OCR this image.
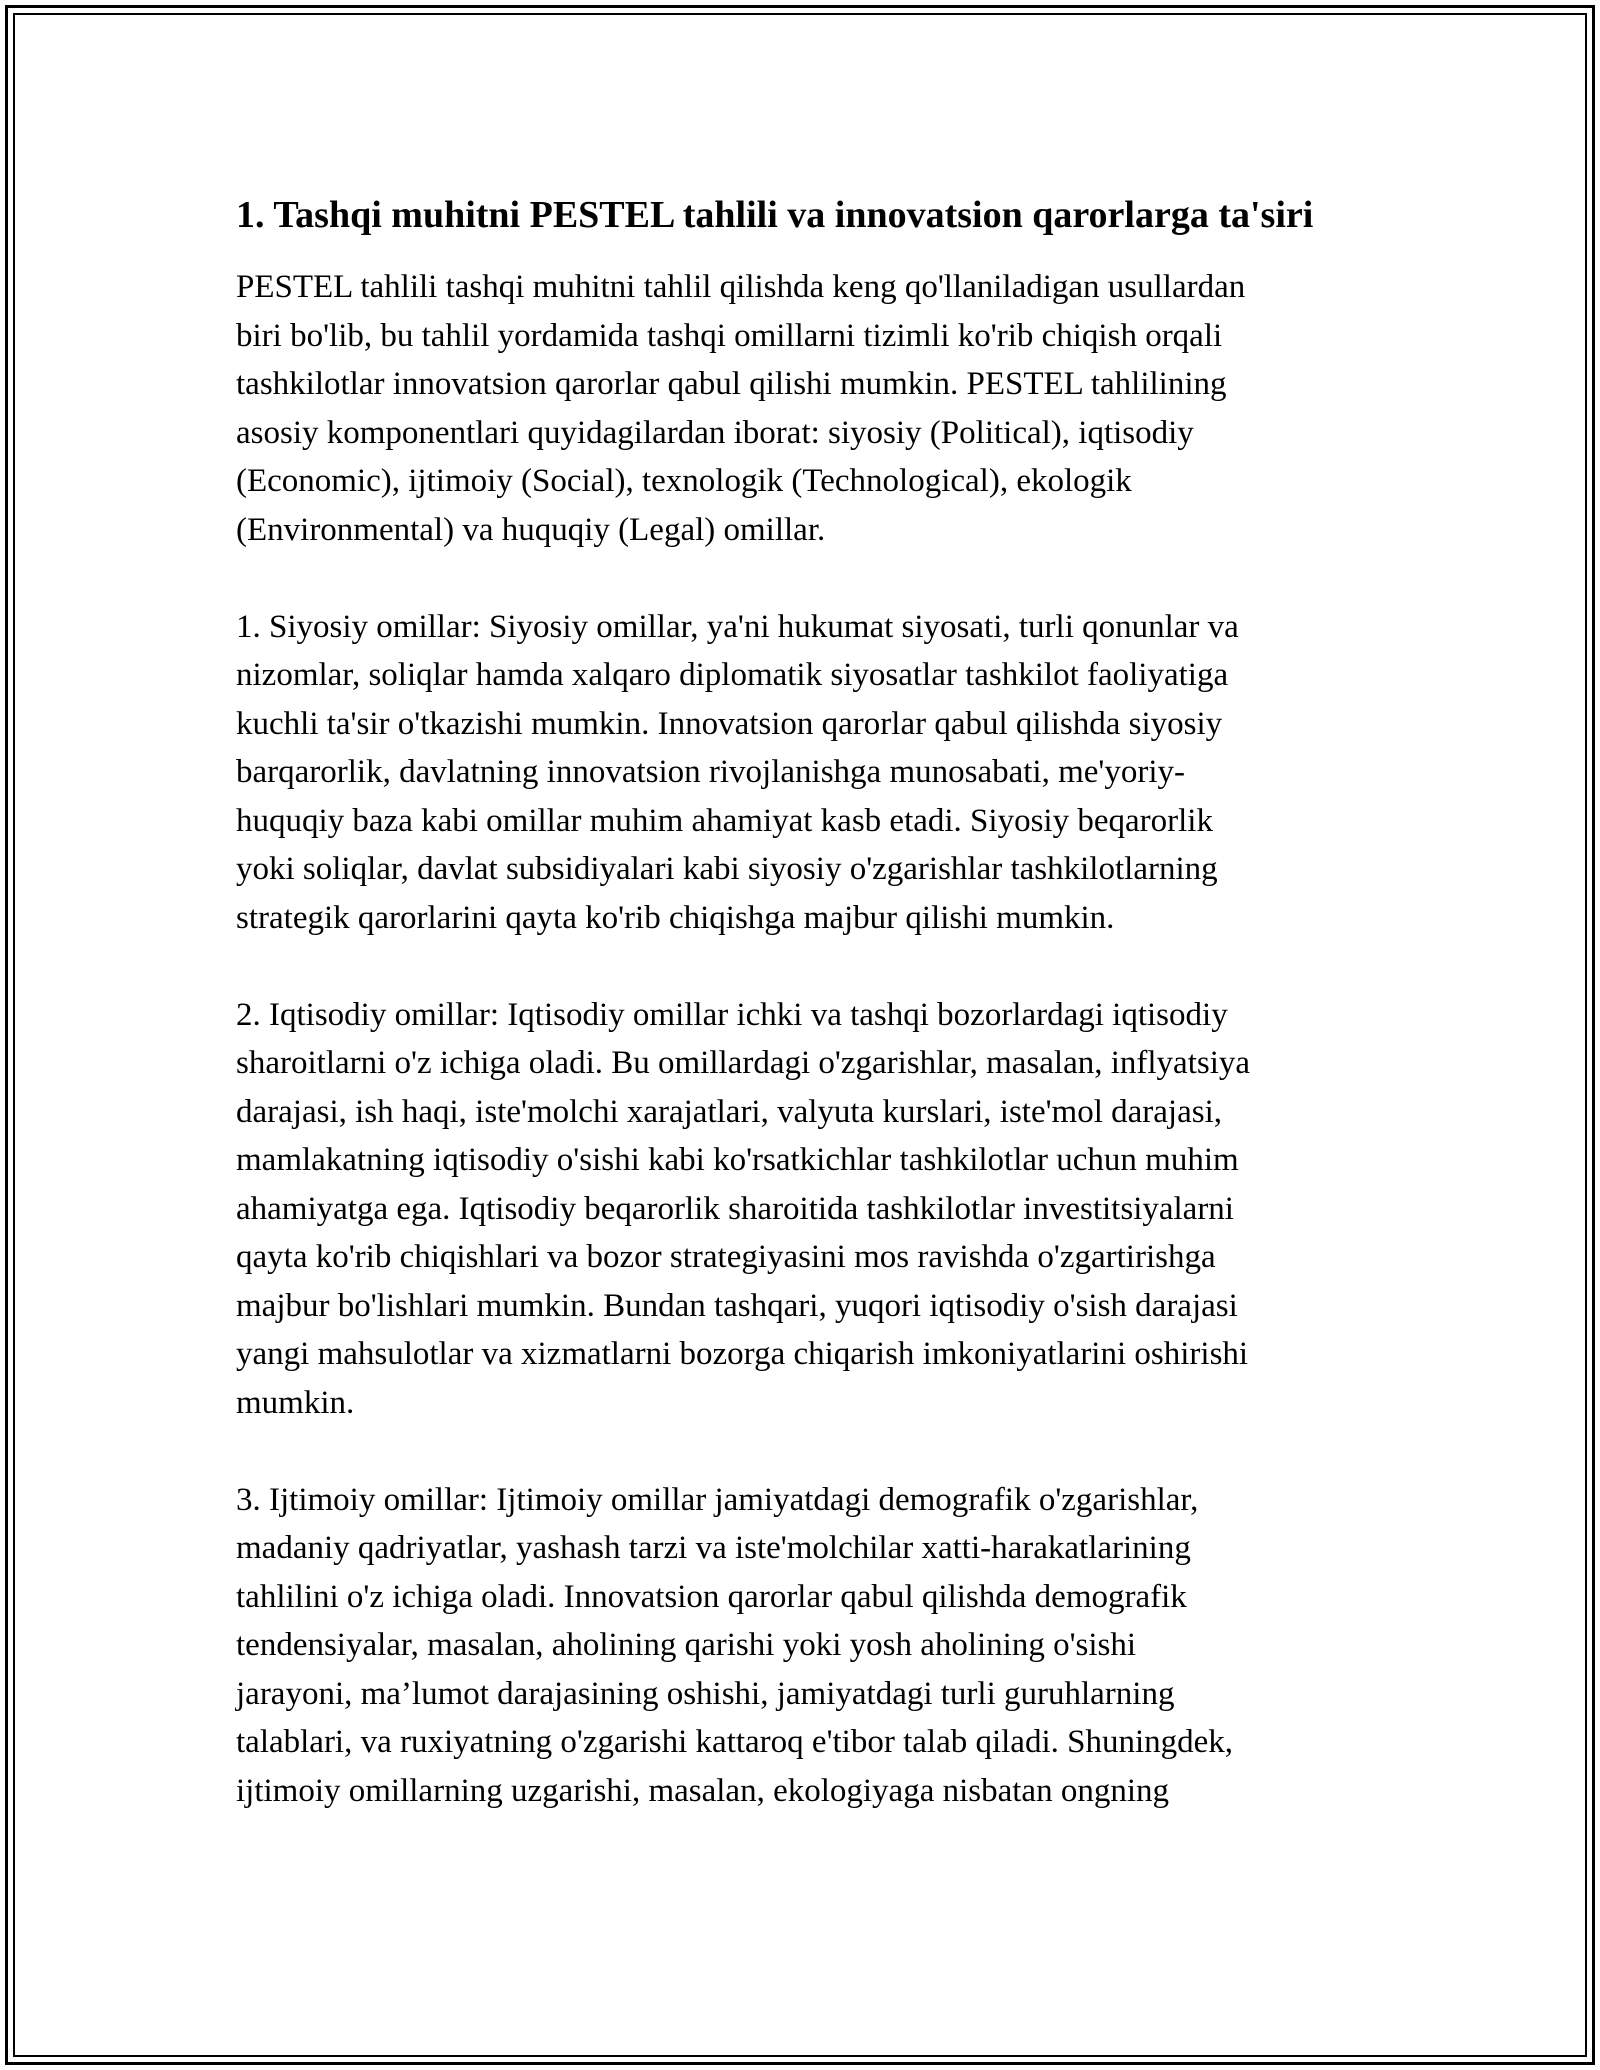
1. Tashqi muhitni PESTEL tahlili va innovatsion qarorlarga ta'siri

PESTEL tahlili tashqi muhitni tahlil qilishda keng qo'llaniladigan usullardan
biri bo'lib, bu tahlil yordamida tashqi omillarni tizimli ko'rib chiqish orqali
tashkilotlar innovatsion qarorlar qabul qilishi mumkin. PESTEL tahlilining
asosiy komponentlari quyidagilardan iborat: siyosiy (Political), iqtisodiy
(Economic), ijtimoiy (Social), texnologik (Technological), ekologik
(Environmental) va huquqiy (Legal) omillar.

1. Siyosiy omillar: Siyosiy omillar, ya'ni hukumat siyosati, turli qonunlar va
nizomlar, soliqlar hamda xalqaro diplomatik siyosatlar tashkilot faoliyatiga
kuchli ta'sir o'tkazishi mumkin. Innovatsion qarorlar qabul qilishda siyosiy
barqarorlik, davlatning innovatsion rivojlanishga munosabati, me'yoriy-
huquqiy baza kabi omillar muhim ahamiyat kasb etadi. Siyosiy beqarorlik
yoki soliqlar, davlat subsidiyalari kabi siyosiy o'zgarishlar tashkilotlarning
strategik qarorlarini qayta ko'rib chiqishga majbur qilishi mumkin.

2. Iqtisodiy omillar: Iqtisodiy omillar ichki va tashqi bozorlardagi iqtisodiy
sharoitlarni o'z ichiga oladi. Bu omillardagi o'zgarishlar, masalan, inflyatsiya
darajasi, ish haqi, iste'molchi xarajatlari, valyuta kurslari, iste'mol darajasi,
mamlakatning iqtisodiy o'sishi kabi ko'rsatkichlar tashkilotlar uchun muhim
ahamiyatga ega. Iqtisodiy beqarorlik sharoitida tashkilotlar investitsiyalarni
qayta ko'rib chiqishlari va bozor strategiyasini mos ravishda o'zgartirishga
majbur bo'lishlari mumkin. Bundan tashqari, yuqori iqtisodiy o'sish darajasi
yangi mahsulotlar va xizmatlarni bozorga chiqarish imkoniyatlarini oshirishi
mumkin.

3. Ijtimoiy omillar: Ijtimoiy omillar jamiyatdagi demografik o'zgarishlar,
madaniy qadriyatlar, yashash tarzi va iste'molchilar xatti-harakatlarining
tahlilini o'z ichiga oladi. Innovatsion qarorlar qabul qilishda demografik
tendensiyalar, masalan, aholining qarishi yoki yosh aholining o'sishi
jarayoni, ma’lumot darajasining oshishi, jamiyatdagi turli guruhlarning
talablari, va ruxiyatning o'zgarishi kattaroq e'tibor talab qiladi. Shuningdek,
ijtimoiy omillarning uzgarishi, masalan, ekologiyaga nisbatan ongning
